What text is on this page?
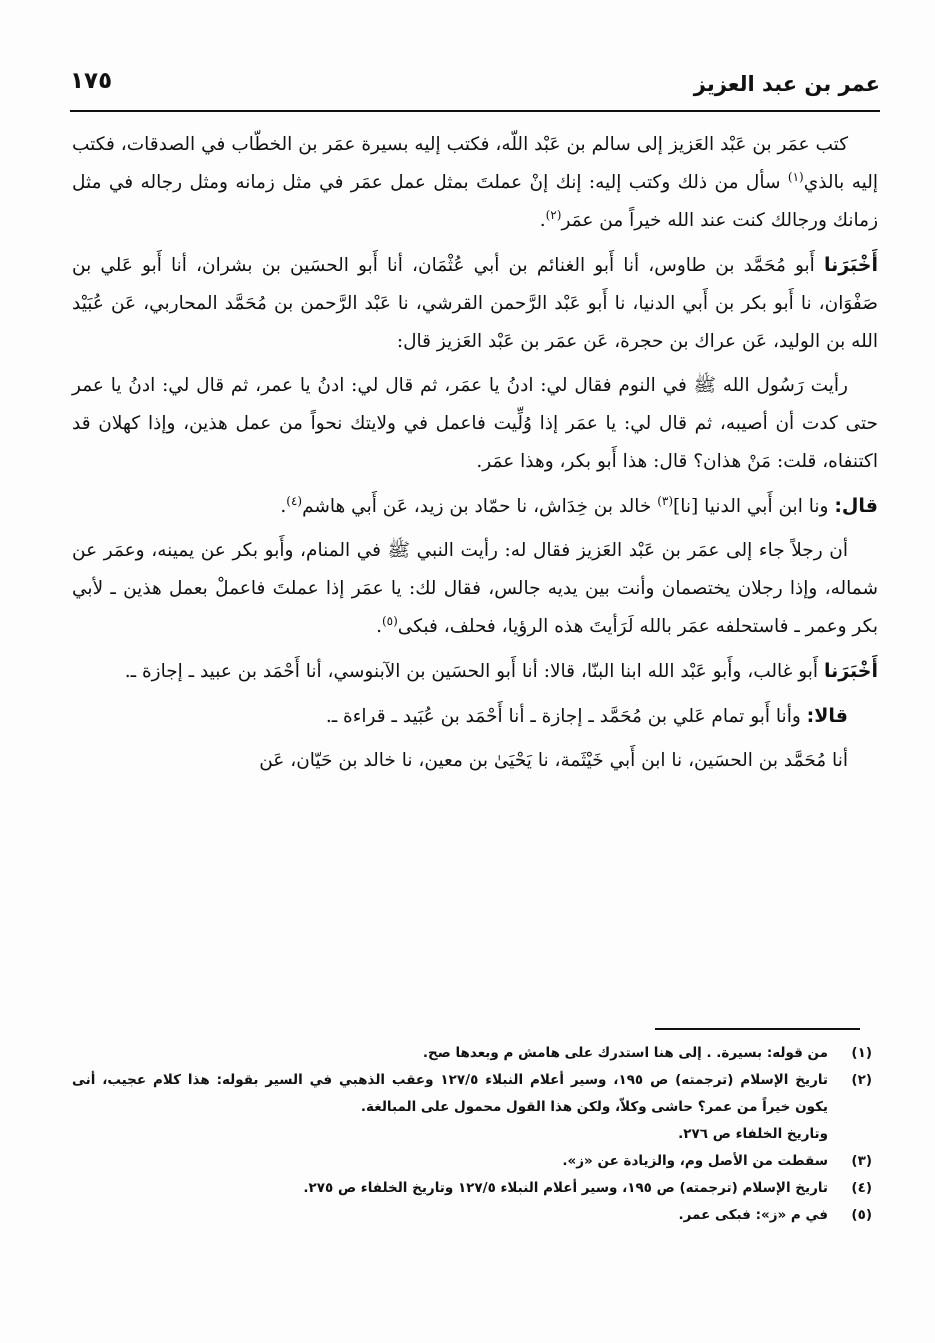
عمر بن عبد العزيز
١٧٥

كتب عمَر بن عَبْد العَزيز إلى سالم بن عَبْد اللّه، فكتب إليه بسيرة عمَر بن الخطّاب في الصدقات، فكتب إليه بالذي$^{(١)}$ سأل من ذلك وكتب إليه: إنك إنْ عملتَ بمثل عمل عمَر في مثل زمانه ومثل رجاله في مثل زمانك ورجالك كنت عند الله خيراً من عمَر$^{(٢)}$.

أَخْبَرَنا أَبو مُحَمَّد بن طاوس، أنا أَبو الغنائم بن أبي عُثْمَان، أنا أَبو الحسَين بن بشران، أنا أَبو عَلي بن صَفْوَان، نا أَبو بكر بن أَبي الدنيا، نا أَبو عَبْد الرَّحمن القرشي، نا عَبْد الرَّحمن بن مُحَمَّد المحاربي، عَن عُبَيْد الله بن الوليد، عَن عراك بن حجرة، عَن عمَر بن عَبْد العَزيز قال:

رأيت رَسُول الله ﷺ في النوم فقال لي: ادنُ يا عمَر، ثم قال لي: ادنُ يا عمر، ثم قال لي: ادنُ يا عمر حتى كدت أن أصيبه، ثم قال لي: يا عمَر إذا وُلِّيت فاعمل في ولايتك نحواً من عمل هذين، وإذا كهلان قد اكتنفاه، قلت: مَنْ هذان؟ قال: هذا أَبو بكر، وهذا عمَر.

قال: ونا ابن أَبي الدنيا [نا]$^{(٣)}$ خالد بن خِدَاش، نا حمّاد بن زيد، عَن أَبي هاشم$^{(٤)}$.

أن رجلاً جاء إلى عمَر بن عَبْد العَزيز فقال له: رأيت النبي ﷺ في المنام، وأَبو بكر عن يمينه، وعمَر عن شماله، وإذا رجلان يختصمان وأنت بين يديه جالس، فقال لك: يا عمَر إذا عملتَ فاعملْ بعمل هذين ـ لأبي بكر وعمر ـ فاستحلفه عمَر بالله لَرَأيتَ هذه الرؤيا، فحلف، فبكى$^{(٥)}$.

أَخْبَرَنا أَبو غالب، وأَبو عَبْد الله ابنا البنّا، قالا: أنا أَبو الحسَين بن الآبنوسي، أنا أَحْمَد بن عبيد ـ إجازة ـ.

قالا: وأنا أَبو تمام عَلي بن مُحَمَّد ـ إجازة ـ أنا أَحْمَد بن عُبَيد ـ قراءة ـ.

أنا مُحَمَّد بن الحسَين، نا ابن أَبي خَيْثَمة، نا يَحْيَىٰ بن معين، نا خالد بن حَيّان، عَن

(١)
من قوله: بسيرة. . إلى هنا استدرك على هامش م وبعدها صح.
(٢)
تاريخ الإسلام (ترجمته) ص ١٩٥، وسير أعلام النبلاء ١٢٧/٥ وعقب الذهبي في السير بقوله: هذا كلام عجيب، أنى يكون خيراً من عمر؟ حاشى وكلاّ، ولكن هذا القول محمول على المبالغة.
وتاريخ الخلفاء ص ٢٧٦.
(٣)
سقطت من الأصل وم، والزيادة عن «ز».
(٤)
تاريخ الإسلام (ترجمته) ص ١٩٥، وسير أعلام النبلاء ١٢٧/٥ وتاريخ الخلفاء ص ٢٧٥.
(٥)
في م «ز»: فبكى عمر.
